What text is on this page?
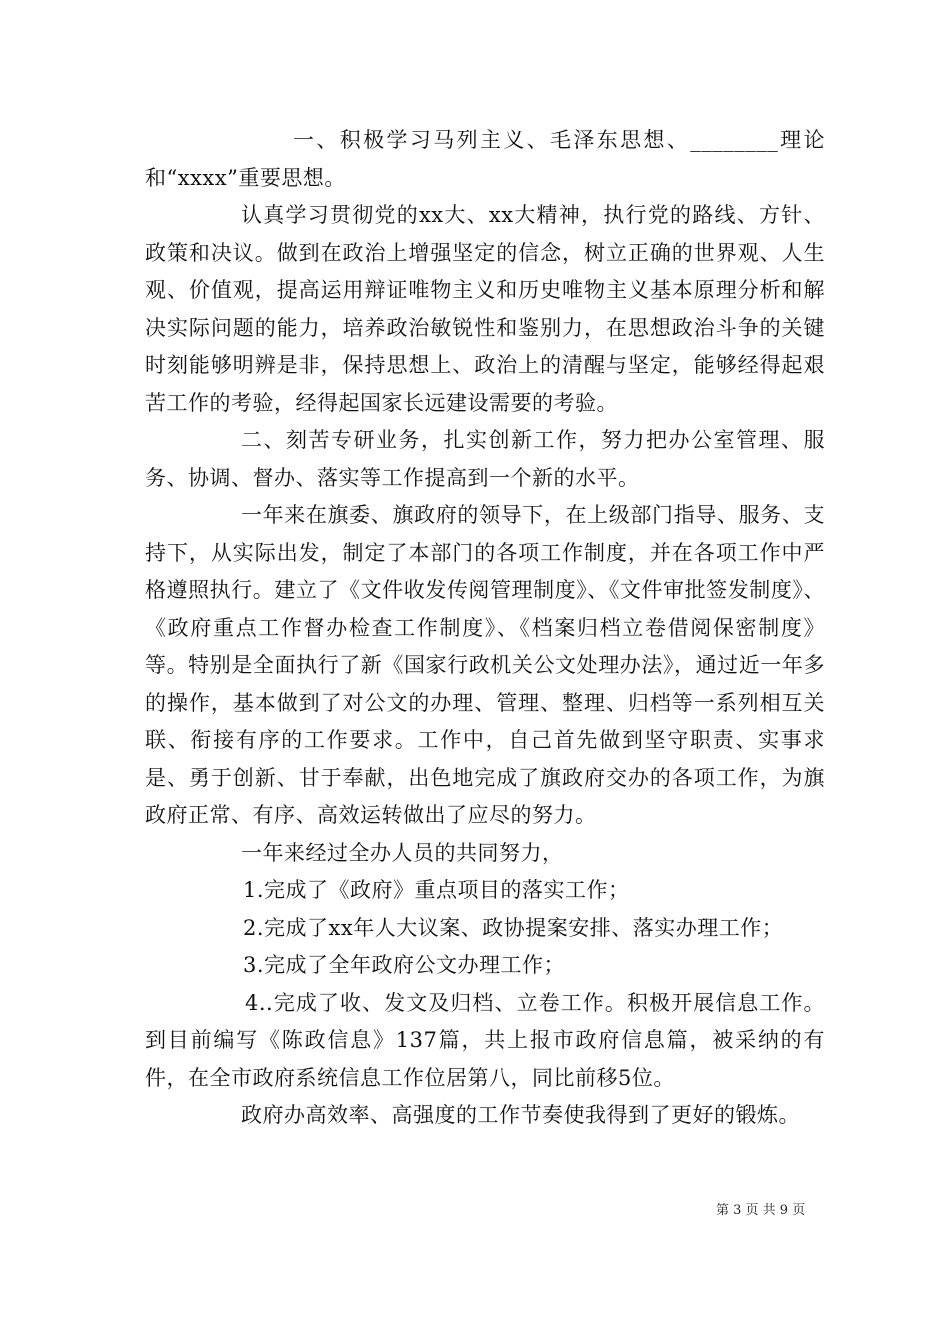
一、积极学习马列主义、毛泽东思想、________理论和“xxxx”重要思想。

认真学习贯彻党的xx大、xx大精神，执行党的路线、方针、政策和决议。做到在政治上增强坚定的信念，树立正确的世界观、人生观、价值观，提高运用辩证唯物主义和历史唯物主义基本原理分析和解决实际问题的能力，培养政治敏锐性和鉴别力，在思想政治斗争的关键时刻能够明辨是非，保持思想上、政治上的清醒与坚定，能够经得起艰苦工作的考验，经得起国家长远建设需要的考验。

二、刻苦专研业务，扎实创新工作，努力把办公室管理、服务、协调、督办、落实等工作提高到一个新的水平。

一年来在旗委、旗政府的领导下，在上级部门指导、服务、支持下，从实际出发，制定了本部门的各项工作制度，并在各项工作中严格遵照执行。建立了《文件收发传阅管理制度》、《文件审批签发制度》、《政府重点工作督办检查工作制度》、《档案归档立卷借阅保密制度》等。特别是全面执行了新《国家行政机关公文处理办法》，通过近一年多的操作，基本做到了对公文的办理、管理、整理、归档等一系列相互关联、衔接有序的工作要求。工作中，自己首先做到坚守职责、实事求是、勇于创新、甘于奉献，出色地完成了旗政府交办的各项工作，为旗政府正常、有序、高效运转做出了应尽的努力。

一年来经过全办人员的共同努力，

1.完成了《政府》重点项目的落实工作；

2.完成了xx年人大议案、政协提案安排、落实办理工作；

3.完成了全年政府公文办理工作；

4..完成了收、发文及归档、立卷工作。积极开展信息工作。到目前编写《陈政信息》137篇，共上报市政府信息篇，被采纳的有件，在全市政府系统信息工作位居第八，同比前移5位。

政府办高效率、高强度的工作节奏使我得到了更好的锻炼。

第 3 页 共 9 页
